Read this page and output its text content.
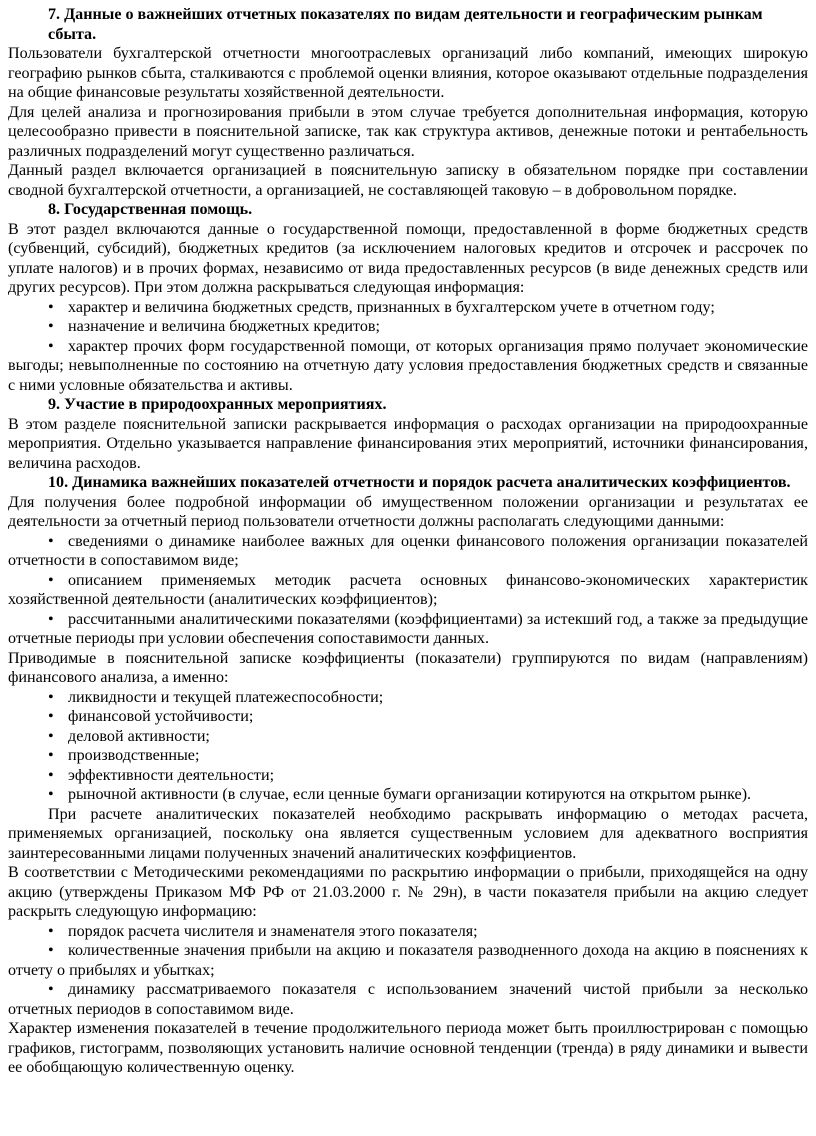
7. Данные о важнейших отчетных показателях по видам деятельности и географическим рынкам сбыта.

Пользователи бухгалтерской отчетности многоотраслевых организаций либо компаний, имеющих широкую географию рынков сбыта, сталкиваются с проблемой оценки влияния, которое оказывают отдельные подразделения на общие финансовые результаты хозяйственной деятельности.

Для целей анализа и прогнозирования прибыли в этом случае требуется дополнительная информация, которую целесообразно привести в пояснительной записке, так как структура активов, денежные потоки и рентабельность различных подразделений могут существенно различаться.

Данный раздел включается организацией в пояснительную записку в обязательном порядке при составлении сводной бухгалтерской отчетности, а организацией, не составляющей таковую – в добровольном порядке.

8. Государственная помощь.

В этот раздел включаются данные о государственной помощи, предоставленной в форме бюджетных средств (субвенций, субсидий), бюджетных кредитов (за исключением налоговых кредитов и отсрочек и рассрочек по уплате налогов) и в прочих формах, независимо от вида предоставленных ресурсов (в виде денежных средств или других ресурсов). При этом должна раскрываться следующая информация:

• характер и величина бюджетных средств, признанных в бухгалтерском учете в отчетном году;
• назначение и величина бюджетных кредитов;
• характер прочих форм государственной помощи, от которых организация прямо получает экономические выгоды; невыполненные по состоянию на отчетную дату условия предоставления бюджетных средств и связанные с ними условные обязательства и активы.

9. Участие в природоохранных мероприятиях.

В этом разделе пояснительной записки раскрывается информация о расходах организации на природоохранные мероприятия. Отдельно указывается направление финансирования этих мероприятий, источники финансирования, величина расходов.

10. Динамика важнейших показателей отчетности и порядок расчета аналитических коэффициентов.

Для получения более подробной информации об имущественном положении организации и результатах ее деятельности за отчетный период пользователи отчетности должны располагать следующими данными:

• сведениями о динамике наиболее важных для оценки финансового положения организации показателей отчетности в сопоставимом виде;
• описанием применяемых методик расчета основных финансово-экономических характеристик хозяйственной деятельности (аналитических коэффициентов);
• рассчитанными аналитическими показателями (коэффициентами) за истекший год, а также за предыдущие отчетные периоды при условии обеспечения сопоставимости данных.

Приводимые в пояснительной записке коэффициенты (показатели) группируются по видам (направлениям) финансового анализа, а именно:

• ликвидности и текущей платежеспособности;
• финансовой устойчивости;
• деловой активности;
• производственные;
• эффективности деятельности;
• рыночной активности (в случае, если ценные бумаги организации котируются на открытом рынке).

При расчете аналитических показателей необходимо раскрывать информацию о методах расчета, применяемых организацией, поскольку она является существенным условием для адекватного восприятия заинтересованными лицами полученных значений аналитических коэффициентов.

В соответствии с Методическими рекомендациями по раскрытию информации о прибыли, приходящейся на одну акцию (утверждены Приказом МФ РФ от 21.03.2000 г. № 29н), в части показателя прибыли на акцию следует раскрыть следующую информацию:

• порядок расчета числителя и знаменателя этого показателя;
• количественные значения прибыли на акцию и показателя разводненного дохода на акцию в пояснениях к отчету о прибылях и убытках;
• динамику рассматриваемого показателя с использованием значений чистой прибыли за несколько отчетных периодов в сопоставимом виде.

Характер изменения показателей в течение продолжительного периода может быть проиллюстрирован с помощью графиков, гистограмм, позволяющих установить наличие основной тенденции (тренда) в ряду динамики и вывести ее обобщающую количественную оценку.
